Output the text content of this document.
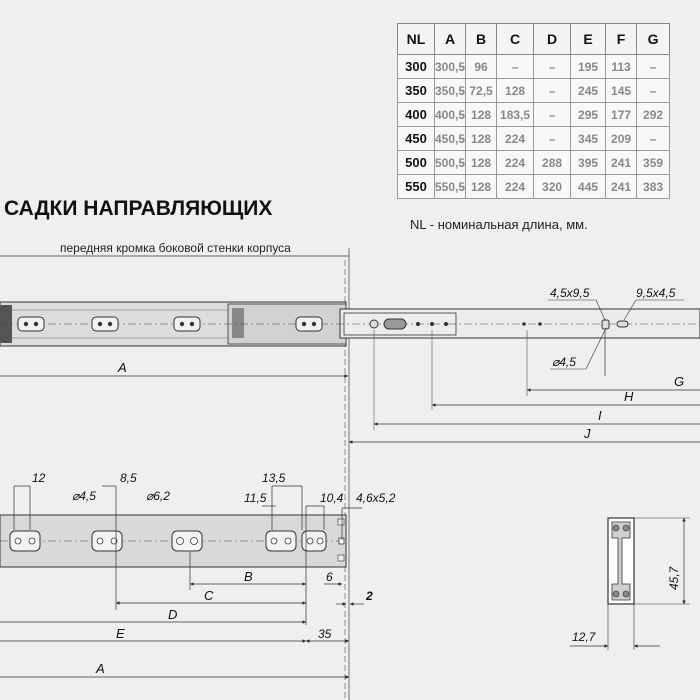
NL	A	B	C	D	E	F	G
300	300,5	96	–	–	195	113	–
350	350,5	72,5	128	–	245	145	–
400	400,5	128	183,5	–	295	177	292
450	450,5	128	224	–	345	209	–
500	500,5	128	224	288	395	241	359
550	550,5	128	224	320	445	241	383
САДКИ НАПРАВЛЯЮЩИХ
NL - номинальная длина, мм.
передняя кромка боковой стенки корпуса
4,5x9,5	9,5x4,5
⌀4,5
A
G
H
I
J
12	8,5	13,5
⌀4,5	⌀6,2	11,5	10,4 4,6x5,2
B	6
C	2
D
E	35
A
12,7
45,7
